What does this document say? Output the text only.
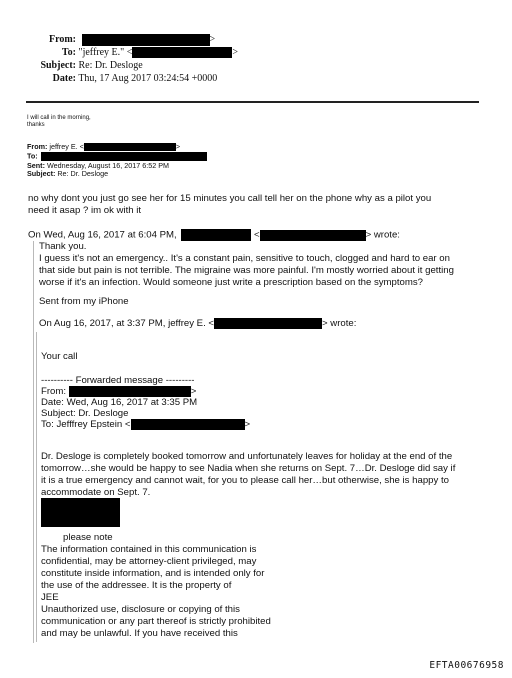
From:	>
To: "jeffrey E." <	>
Subject: Re: Dr. Desloge
Date: Thu, 17 Aug 2017 03:24:54 +0000
I will call in the morning,
thanks
From: jeffrey E. <	>
To:
Sent: Wednesday, August 16, 2017 6:52 PM
Subject: Re: Dr. Desloge
no why dont you just go see her for 15 minutes you call tell her on the phone why as a pilot you
need it asap ? im ok with it
On Wed, Aug 16, 2017 at 6:04 PM,	<	> wrote:
Thank you.
I guess it's not an emergency.. It's a constant pain, sensitive to touch, clogged and hard to ear on
that side but pain is not terrible. The migraine was more painful. I'm mostly worried about it getting
worse if it's an infection. Would someone just write a prescription based on the symptoms?
Sent from my iPhone
On Aug 16, 2017, at 3:37 PM, jeffrey E. <	> wrote:
Your call
---------- Forwarded message ---------
From:	>
Date: Wed, Aug 16, 2017 at 3:35 PM
Subject: Dr. Desloge
To: Jefffrey Epstein <	>
Dr. Desloge is completely booked tomorrow and unfortunately leaves for holiday at the end of the
tomorrow…she would be happy to see Nadia when she returns on Sept. 7…Dr. Desloge did say if
it is a true emergency and cannot wait, for you to please call her…but otherwise, she is happy to
accommodate on Sept. 7.
please note
The information contained in this communication is
confidential, may be attorney-client privileged, may
constitute inside information, and is intended only for
the use of the addressee. It is the property of
JEE
Unauthorized use, disclosure or copying of this
communication or any part thereof is strictly prohibited
and may be unlawful. If you have received this
EFTA00676958
